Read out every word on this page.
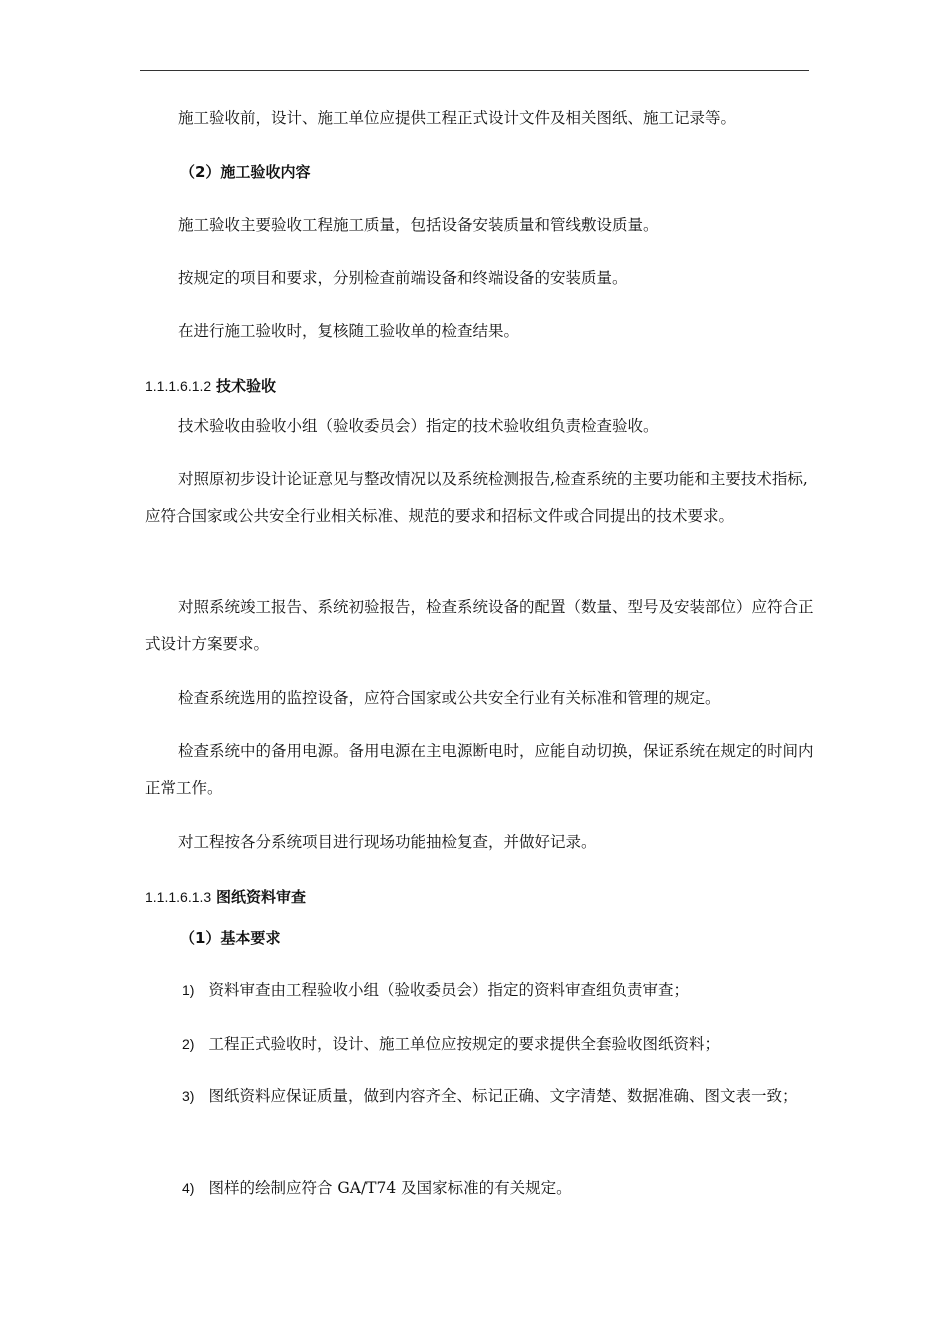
施工验收前，设计、施工单位应提供工程正式设计文件及相关图纸、施工记录等。

（2）施工验收内容

施工验收主要验收工程施工质量，包括设备安装质量和管线敷设质量。

按规定的项目和要求，分别检查前端设备和终端设备的安装质量。

在进行施工验收时，复核随工验收单的检查结果。

1.1.1.6.1.2 技术验收

技术验收由验收小组（验收委员会）指定的技术验收组负责检查验收。

对照原初步设计论证意见与整改情况以及系统检测报告,检查系统的主要功能和主要技术指标,应符合国家或公共安全行业相关标准、规范的要求和招标文件或合同提出的技术要求。

对照系统竣工报告、系统初验报告，检查系统设备的配置（数量、型号及安装部位）应符合正式设计方案要求。

检查系统选用的监控设备，应符合国家或公共安全行业有关标准和管理的规定。

检查系统中的备用电源。备用电源在主电源断电时，应能自动切换，保证系统在规定的时间内正常工作。

对工程按各分系统项目进行现场功能抽检复查，并做好记录。

1.1.1.6.1.3 图纸资料审查

（1）基本要求

1) 资料审查由工程验收小组（验收委员会）指定的资料审查组负责审查；

2) 工程正式验收时，设计、施工单位应按规定的要求提供全套验收图纸资料；

3) 图纸资料应保证质量，做到内容齐全、标记正确、文字清楚、数据准确、图文表一致；

4) 图样的绘制应符合 GA/T74 及国家标准的有关规定。
